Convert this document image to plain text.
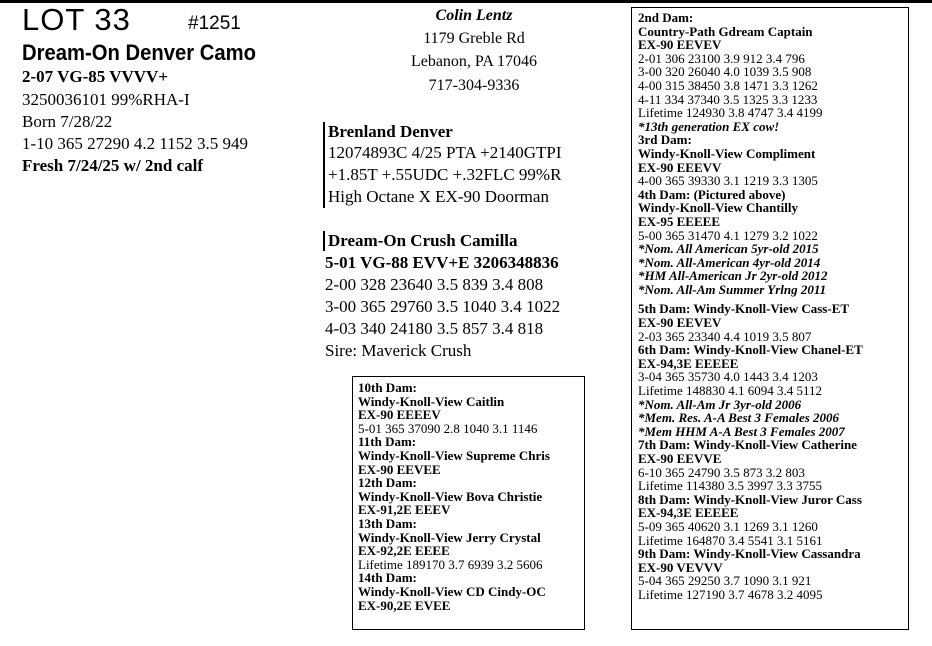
LOT 33	#1251
Dream-On Denver Camo
2-07 VG-85 VVVV+
3250036101 99%RHA-I
Born 7/28/22
1-10 365 27290 4.2 1152 3.5 949
Fresh 7/24/25 w/ 2nd calf
Colin Lentz
1179 Greble Rd
Lebanon, PA 17046
717-304-9336
Brenland Denver
12074893C 4/25 PTA +2140GTPI
+1.85T +.55UDC +.32FLC 99%R
High Octane X EX-90 Doorman
Dream-On Crush Camilla
5-01 VG-88 EVV+E 3206348836
2-00 328 23640 3.5 839 3.4 808
3-00 365 29760 3.5 1040 3.4 1022
4-03 340 24180 3.5 857 3.4 818
Sire: Maverick Crush
10th Dam:
Windy-Knoll-View Caitlin
EX-90 EEEEV
5-01 365 37090 2.8 1040 3.1 1146
11th Dam:
Windy-Knoll-View Supreme Chris
EX-90 EEVEE
12th Dam:
Windy-Knoll-View Bova Christie
EX-91,2E EEEV
13th Dam:
Windy-Knoll-View Jerry Crystal
EX-92,2E EEEE
Lifetime 189170 3.7 6939 3.2 5606
14th Dam:
Windy-Knoll-View CD Cindy-OC
EX-90,2E EVEE
2nd Dam:
Country-Path Gdream Captain
EX-90 EEVEV
2-01 306 23100 3.9 912 3.4 796
3-00 320 26040 4.0 1039 3.5 908
4-00 315 38450 3.8 1471 3.3 1262
4-11 334 37340 3.5 1325 3.3 1233
Lifetime 124930 3.8 4747 3.4 4199
*13th generation EX cow!
3rd Dam:
Windy-Knoll-View Compliment
EX-90 EEEVV
4-00 365 39330 3.1 1219 3.3 1305
4th Dam: (Pictured above)
Windy-Knoll-View Chantilly
EX-95 EEEEE
5-00 365 31470 4.1 1279 3.2 1022
*Nom. All American 5yr-old 2015
*Nom. All-American 4yr-old 2014
*HM All-American Jr 2yr-old 2012
*Nom. All-Am Summer Yrlng 2011
5th Dam: Windy-Knoll-View Cass-ET
EX-90 EEVEV
2-03 365 23340 4.4 1019 3.5 807
6th Dam: Windy-Knoll-View Chanel-ET
EX-94,3E EEEEE
3-04 365 35730 4.0 1443 3.4 1203
Lifetime 148830 4.1 6094 3.4 5112
*Nom. All-Am Jr 3yr-old 2006
*Mem. Res. A-A Best 3 Females 2006
*Mem HHM A-A Best 3 Females 2007
7th Dam: Windy-Knoll-View Catherine
EX-90 EEVVE
6-10 365 24790 3.5 873 3.2 803
Lifetime 114380 3.5 3997 3.3 3755
8th Dam: Windy-Knoll-View Juror Cass
EX-94,3E EEEEE
5-09 365 40620 3.1 1269 3.1 1260
Lifetime 164870 3.4 5541 3.1 5161
9th Dam: Windy-Knoll-View Cassandra
EX-90 VEVVV
5-04 365 29250 3.7 1090 3.1 921
Lifetime 127190 3.7 4678 3.2 4095
